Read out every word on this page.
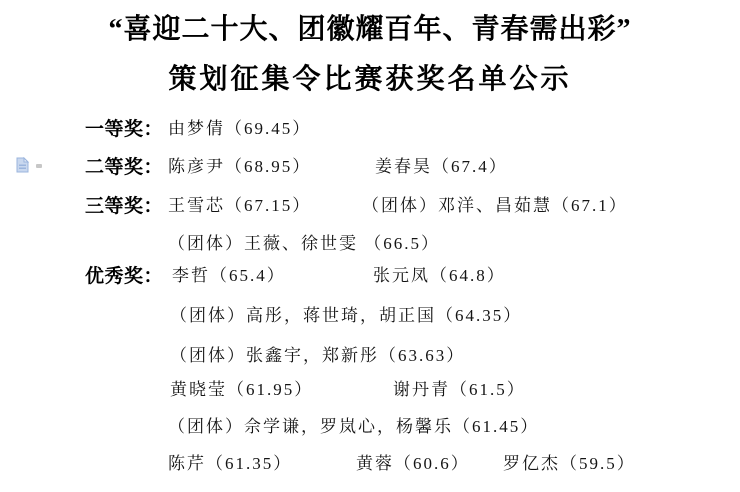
“喜迎二十大、团徽耀百年、青春需出彩”
策划征集令比赛获奖名单公示
一等奖： 由梦倩（69.45）
二等奖： 陈彦尹（68.95）	姜春昊（67.4）
三等奖： 王雪芯（67.15）	（团体）邓洋、昌茹慧（67.1）
（团体）王薇、徐世雯 （66.5）
优秀奖： 李哲（65.4）	张元凤（64.8）
（团体）高彤，蒋世琦，胡正国（64.35）
（团体）张鑫宇，郑新彤（63.63）
黄晓莹（61.95）	谢丹青（61.5）
（团体）佘学谦，罗岚心，杨馨乐（61.45）
陈芹（61.35）	黄蓉（60.6） 罗亿杰（59.5）
